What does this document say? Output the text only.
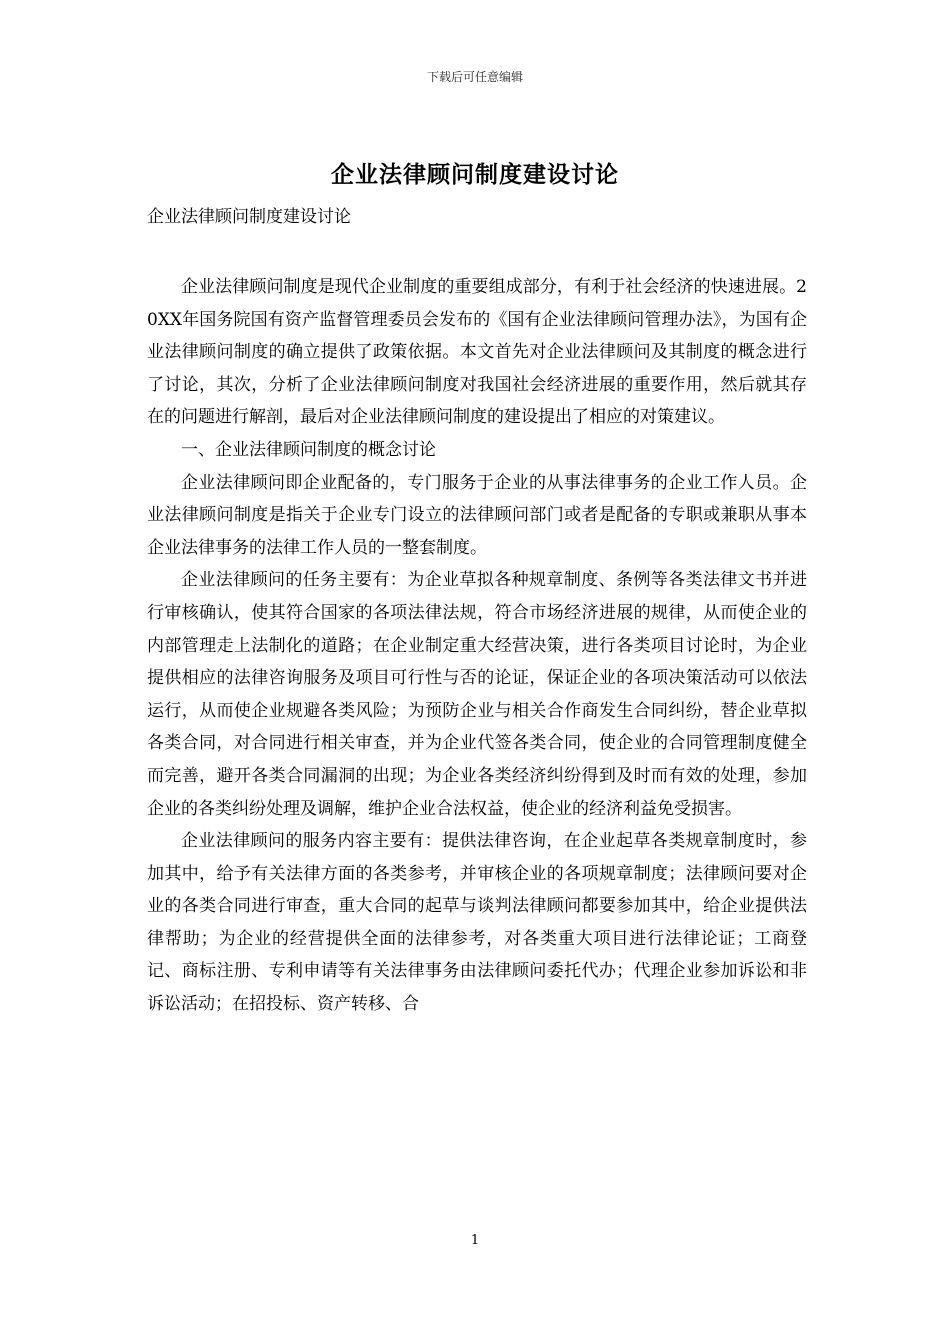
下载后可任意编辑
企业法律顾问制度建设讨论
企业法律顾问制度建设讨论

企业法律顾问制度是现代企业制度的重要组成部分，有利于社会经济的快速进展。20XX年国务院国有资产监督管理委员会发布的《国有企业法律顾问管理办法》，为国有企业法律顾问制度的确立提供了政策依据。本文首先对企业法律顾问及其制度的概念进行了讨论，其次，分析了企业法律顾问制度对我国社会经济进展的重要作用，然后就其存在的问题进行解剖，最后对企业法律顾问制度的建设提出了相应的对策建议。

一、企业法律顾问制度的概念讨论

企业法律顾问即企业配备的，专门服务于企业的从事法律事务的企业工作人员。企业法律顾问制度是指关于企业专门设立的法律顾问部门或者是配备的专职或兼职从事本企业法律事务的法律工作人员的一整套制度。

企业法律顾问的任务主要有：为企业草拟各种规章制度、条例等各类法律文书并进行审核确认，使其符合国家的各项法律法规，符合市场经济进展的规律，从而使企业的内部管理走上法制化的道路；在企业制定重大经营决策，进行各类项目讨论时，为企业提供相应的法律咨询服务及项目可行性与否的论证，保证企业的各项决策活动可以依法运行，从而使企业规避各类风险；为预防企业与相关合作商发生合同纠纷，替企业草拟各类合同，对合同进行相关审查，并为企业代签各类合同，使企业的合同管理制度健全而完善，避开各类合同漏洞的出现；为企业各类经济纠纷得到及时而有效的处理，参加企业的各类纠纷处理及调解，维护企业合法权益，使企业的经济利益免受损害。

企业法律顾问的服务内容主要有：提供法律咨询，在企业起草各类规章制度时，参加其中，给予有关法律方面的各类参考，并审核企业的各项规章制度；法律顾问要对企业的各类合同进行审查，重大合同的起草与谈判法律顾问都要参加其中，给企业提供法律帮助；为企业的经营提供全面的法律参考，对各类重大项目进行法律论证；工商登记、商标注册、专利申请等有关法律事务由法律顾问委托代办；代理企业参加诉讼和非诉讼活动；在招投标、资产转移、合

1
